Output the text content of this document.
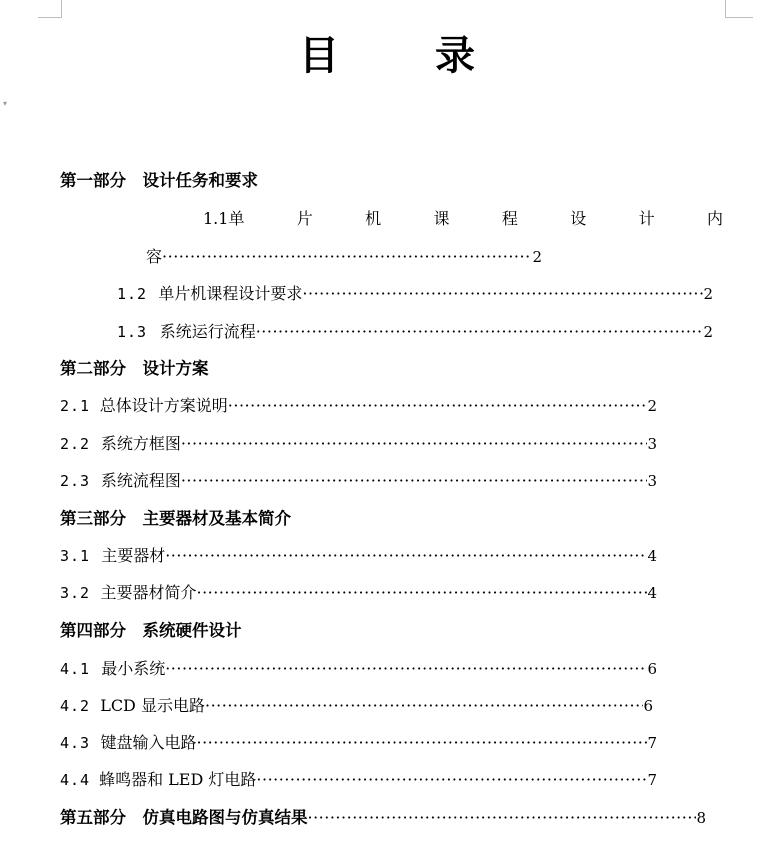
▾
目 录
第一部分　设计任务和要求
1.1单	片	机	课	程	设	计	内
容 ·····	2
1.2 单片机课程设计要求 ·····	2
1.3 系统运行流程 ·····	2
第二部分　设计方案
2.1 总体设计方案说明 ·····	2
2.2 系统方框图 ·····	3
2.3 系统流程图 ·····	3
第三部分　主要器材及基本简介
3.1 主要器材 ·····	4
3.2 主要器材简介 ·····	4
第四部分　系统硬件设计
4.1 最小系统 ·····	6
4.2 LCD 显示电路 ·····	6
4.3 键盘输入电路 ·····	7
4.4 蜂鸣器和 LED 灯电路 ·····	7
第五部分　仿真电路图与仿真结果 ·····	8
